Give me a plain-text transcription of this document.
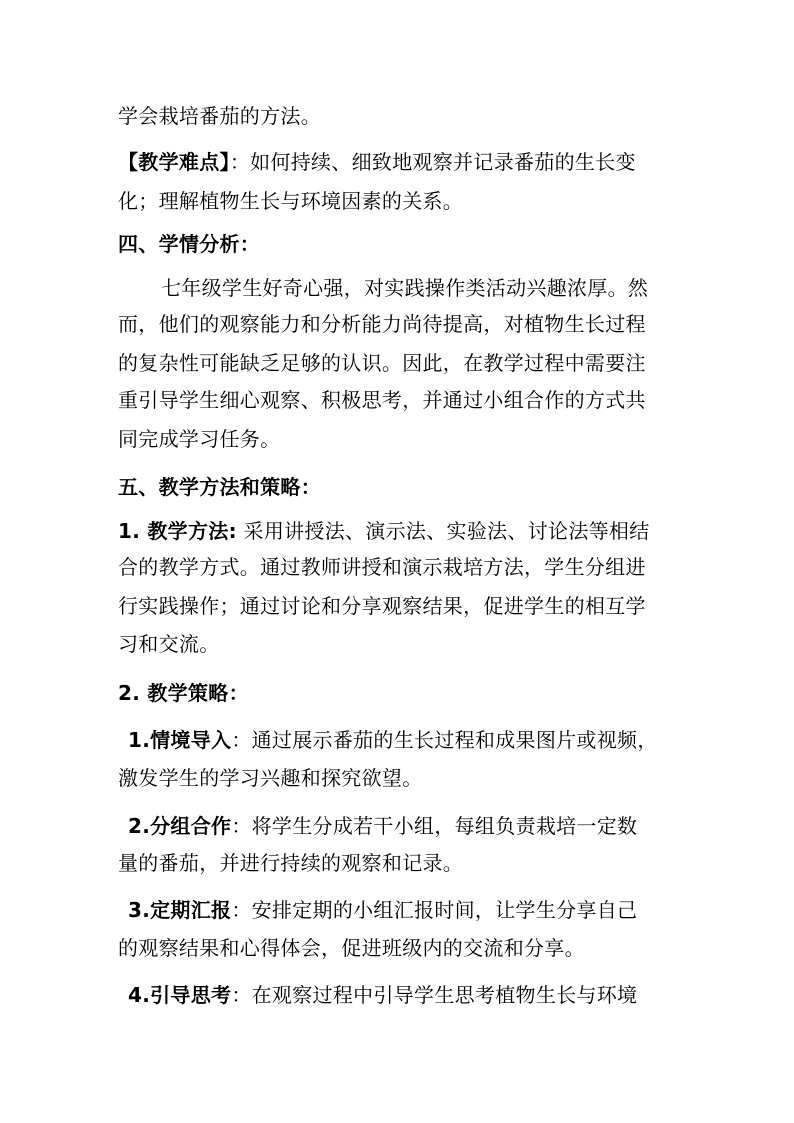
学会栽培番茄的方法。
【教学难点】：如何持续、细致地观察并记录番茄的生长变
化；理解植物生长与环境因素的关系。
四、学情分析：
七年级学生好奇心强，对实践操作类活动兴趣浓厚。然
而，他们的观察能力和分析能力尚待提高，对植物生长过程
的复杂性可能缺乏足够的认识。因此，在教学过程中需要注
重引导学生细心观察、积极思考，并通过小组合作的方式共
同完成学习任务。
五、教学方法和策略：
1. 教学方法: 采用讲授法、演示法、实验法、讨论法等相结
合的教学方式。通过教师讲授和演示栽培方法，学生分组进
行实践操作；通过讨论和分享观察结果，促进学生的相互学
习和交流。
2. 教学策略：
1.情境导入：通过展示番茄的生长过程和成果图片或视频，
激发学生的学习兴趣和探究欲望。
2.分组合作：将学生分成若干小组，每组负责栽培一定数
量的番茄，并进行持续的观察和记录。
3.定期汇报：安排定期的小组汇报时间，让学生分享自己
的观察结果和心得体会，促进班级内的交流和分享。
4.引导思考：在观察过程中引导学生思考植物生长与环境
